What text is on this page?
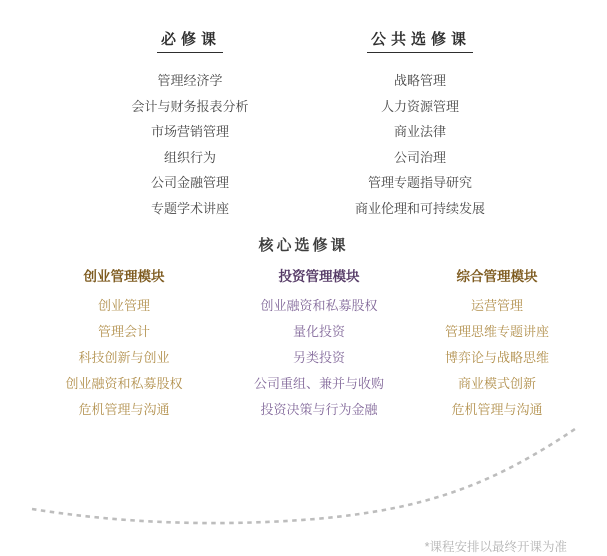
必修课
管理经济学
会计与财务报表分析
市场营销管理
组织行为
公司金融管理
专题学术讲座
公共选修课
战略管理
人力资源管理
商业法律
公司治理
管理专题指导研究
商业伦理和可持续发展
核心选修课
创业管理模块
创业管理
管理会计
科技创新与创业
创业融资和私募股权
危机管理与沟通
投资管理模块
创业融资和私募股权
量化投资
另类投资
公司重组、兼并与收购
投资决策与行为金融
综合管理模块
运营管理
管理思维专题讲座
博弈论与战略思维
商业模式创新
危机管理与沟通
*课程安排以最终开课为准
